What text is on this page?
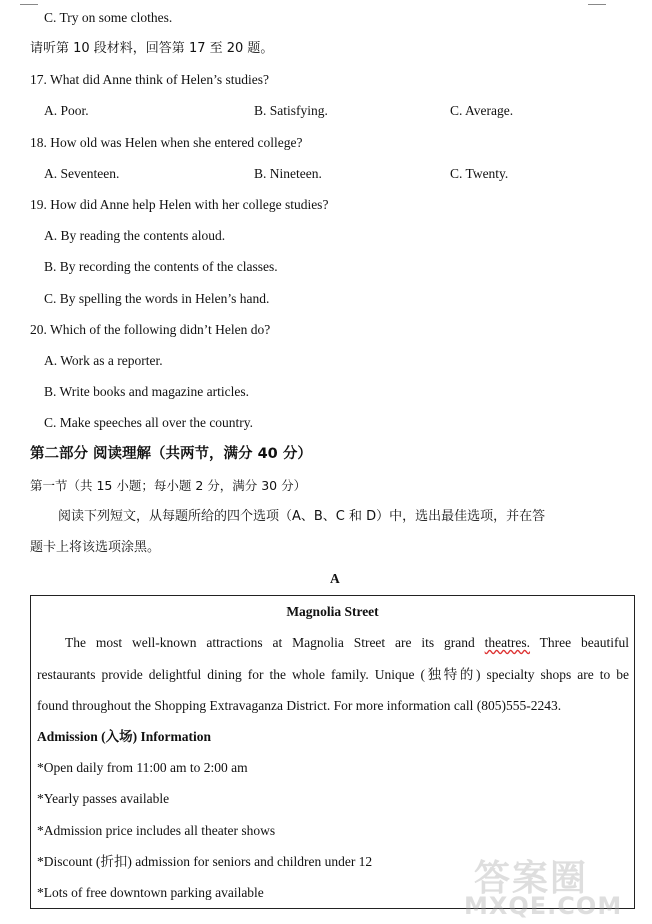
C. Try on some clothes.
请听第 10 段材料，回答第 17 至 20 题。
17. What did Anne think of Helen’s studies?
A. Poor.	B. Satisfying.	C. Average.
18. How old was Helen when she entered college?
A. Seventeen.	B. Nineteen.	C. Twenty.
19. How did Anne help Helen with her college studies?
A. By reading the contents aloud.
B. By recording the contents of the classes.
C. By spelling the words in Helen’s hand.
20. Which of the following didn’t Helen do?
A. Work as a reporter.
B. Write books and magazine articles.
C. Make speeches all over the country.
第二部分 阅读理解（共两节，满分 40 分）
第一节（共 15 小题；每小题 2 分，满分 30 分）
阅读下列短文，从每题所给的四个选项（A、B、C 和 D）中，选出最佳选项，并在答
题卡上将该选项涂黑。
A
Magnolia Street
The most well-known attractions at Magnolia Street are its grand theatres. Three beautiful
restaurants provide delightful dining for the whole family. Unique (独特的) specialty shops are to be
found throughout the Shopping Extravaganza District. For more information call (805)555-2243.
Admission (入场) Information
*Open daily from 11:00 am to 2:00 am
*Yearly passes available
*Admission price includes all theater shows
*Discount (折扣) admission for seniors and children under 12
*Lots of free downtown parking available	答案圈
MXQE.COM
